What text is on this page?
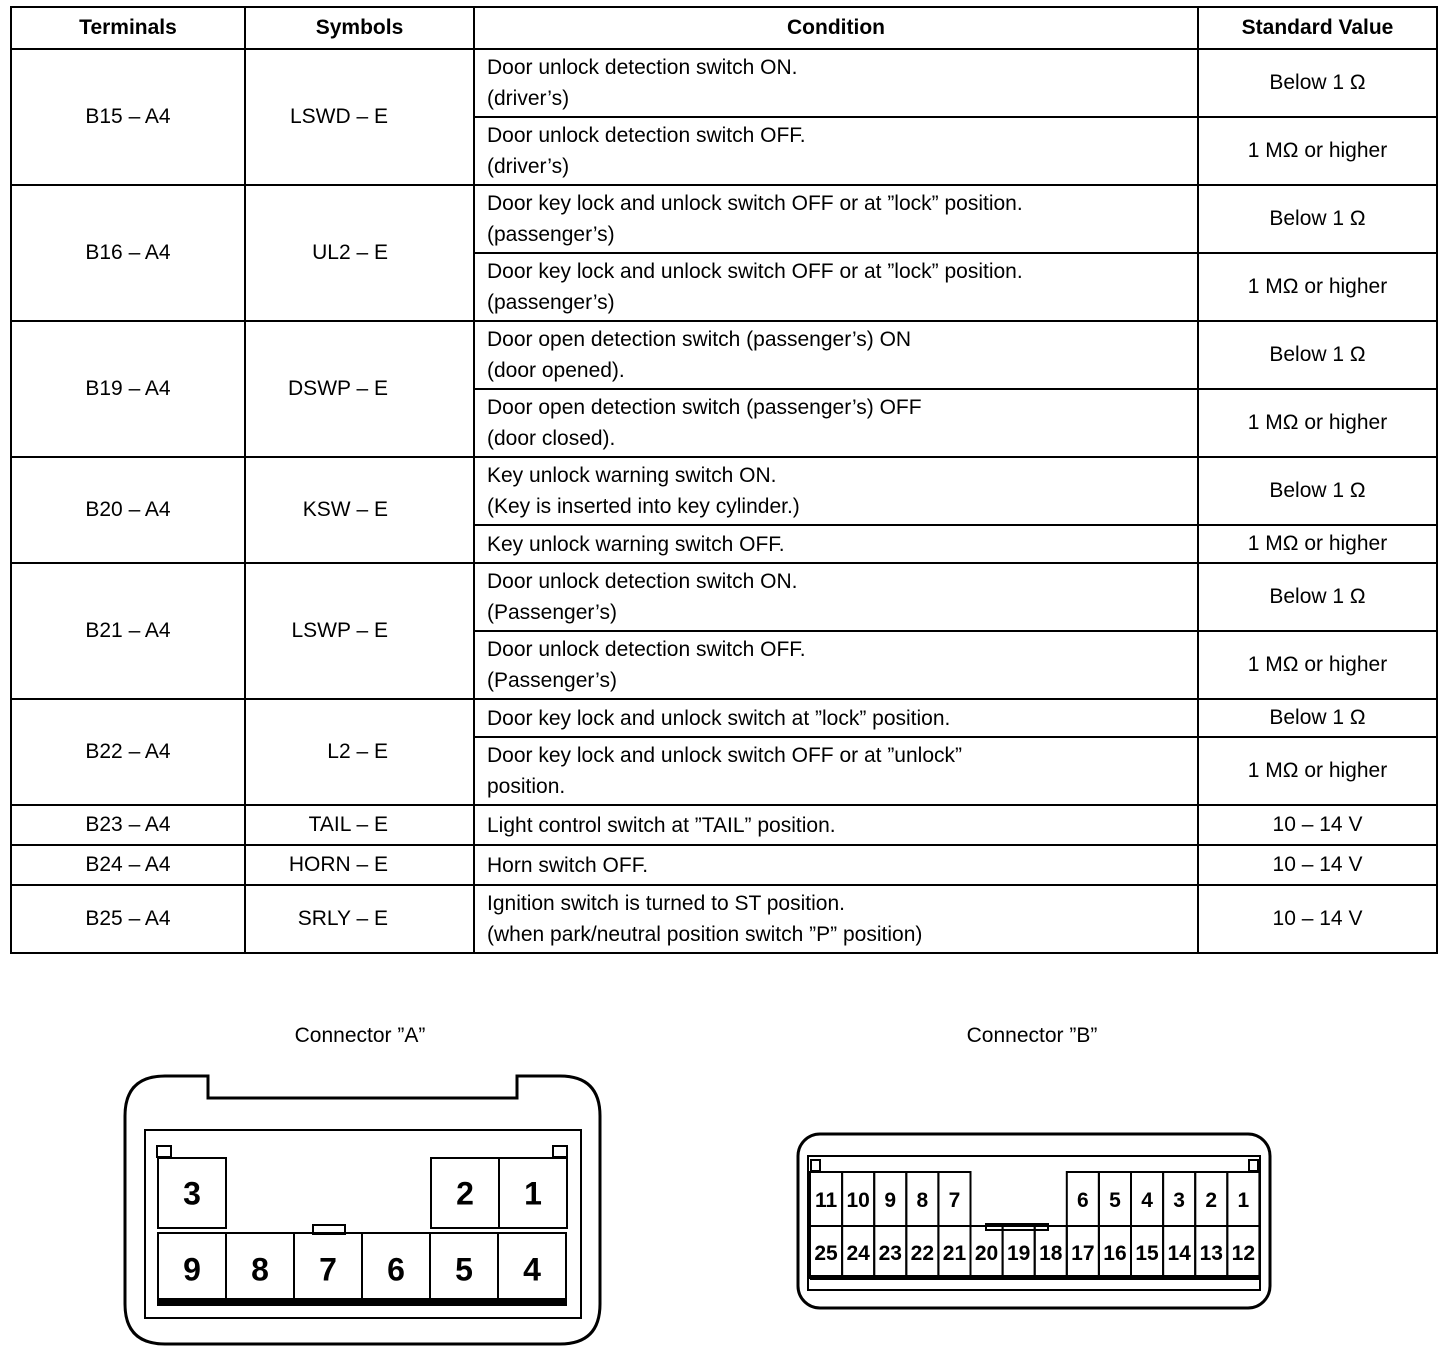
Terminals	Symbols	Condition	Standard Value
B15 – A4	LSWD – E	Door unlock detection switch ON.
(driver’s)	Below 1 Ω

		Door unlock detection switch OFF.
(driver’s)	1 MΩ or higher
B16 – A4	UL2 – E	Door key lock and unlock switch OFF or at ”lock” position.
(passenger’s)	Below 1 Ω

		Door key lock and unlock switch OFF or at ”lock” position.
(passenger’s)	1 MΩ or higher
B19 – A4	DSWP – E	Door open detection switch (passenger’s) ON
(door opened).	Below 1 Ω

		Door open detection switch (passenger’s) OFF
(door closed).	1 MΩ or higher
B20 – A4	KSW – E	Key unlock warning switch ON.
(Key is inserted into key cylinder.)	Below 1 Ω

		Key unlock warning switch OFF.	1 MΩ or higher
B21 – A4	LSWP – E	Door unlock detection switch ON.
(Passenger’s)	Below 1 Ω

		Door unlock detection switch OFF.
(Passenger’s)	1 MΩ or higher
B22 – A4	L2 – E	Door key lock and unlock switch at ”lock” position.	Below 1 Ω

		Door key lock and unlock switch OFF or at ”unlock”
position.	1 MΩ or higher
B23 – A4	TAIL – E	Light control switch at ”TAIL” position.	10 – 14 V
B24 – A4	HORN – E	Horn switch OFF.	10 – 14 V
B25 – A4	SRLY – E	Ignition switch is turned to ST position.
(when park/neutral position switch ”P” position)	10 – 14 V
Connector ”A”	Connector ”B”
3	2 1
9 8 7 6 5 4
11 10 9 8 7	6 5 4 3 2 1
25 24 23 22 21 20 19 18 17 16 15 14 13 12
